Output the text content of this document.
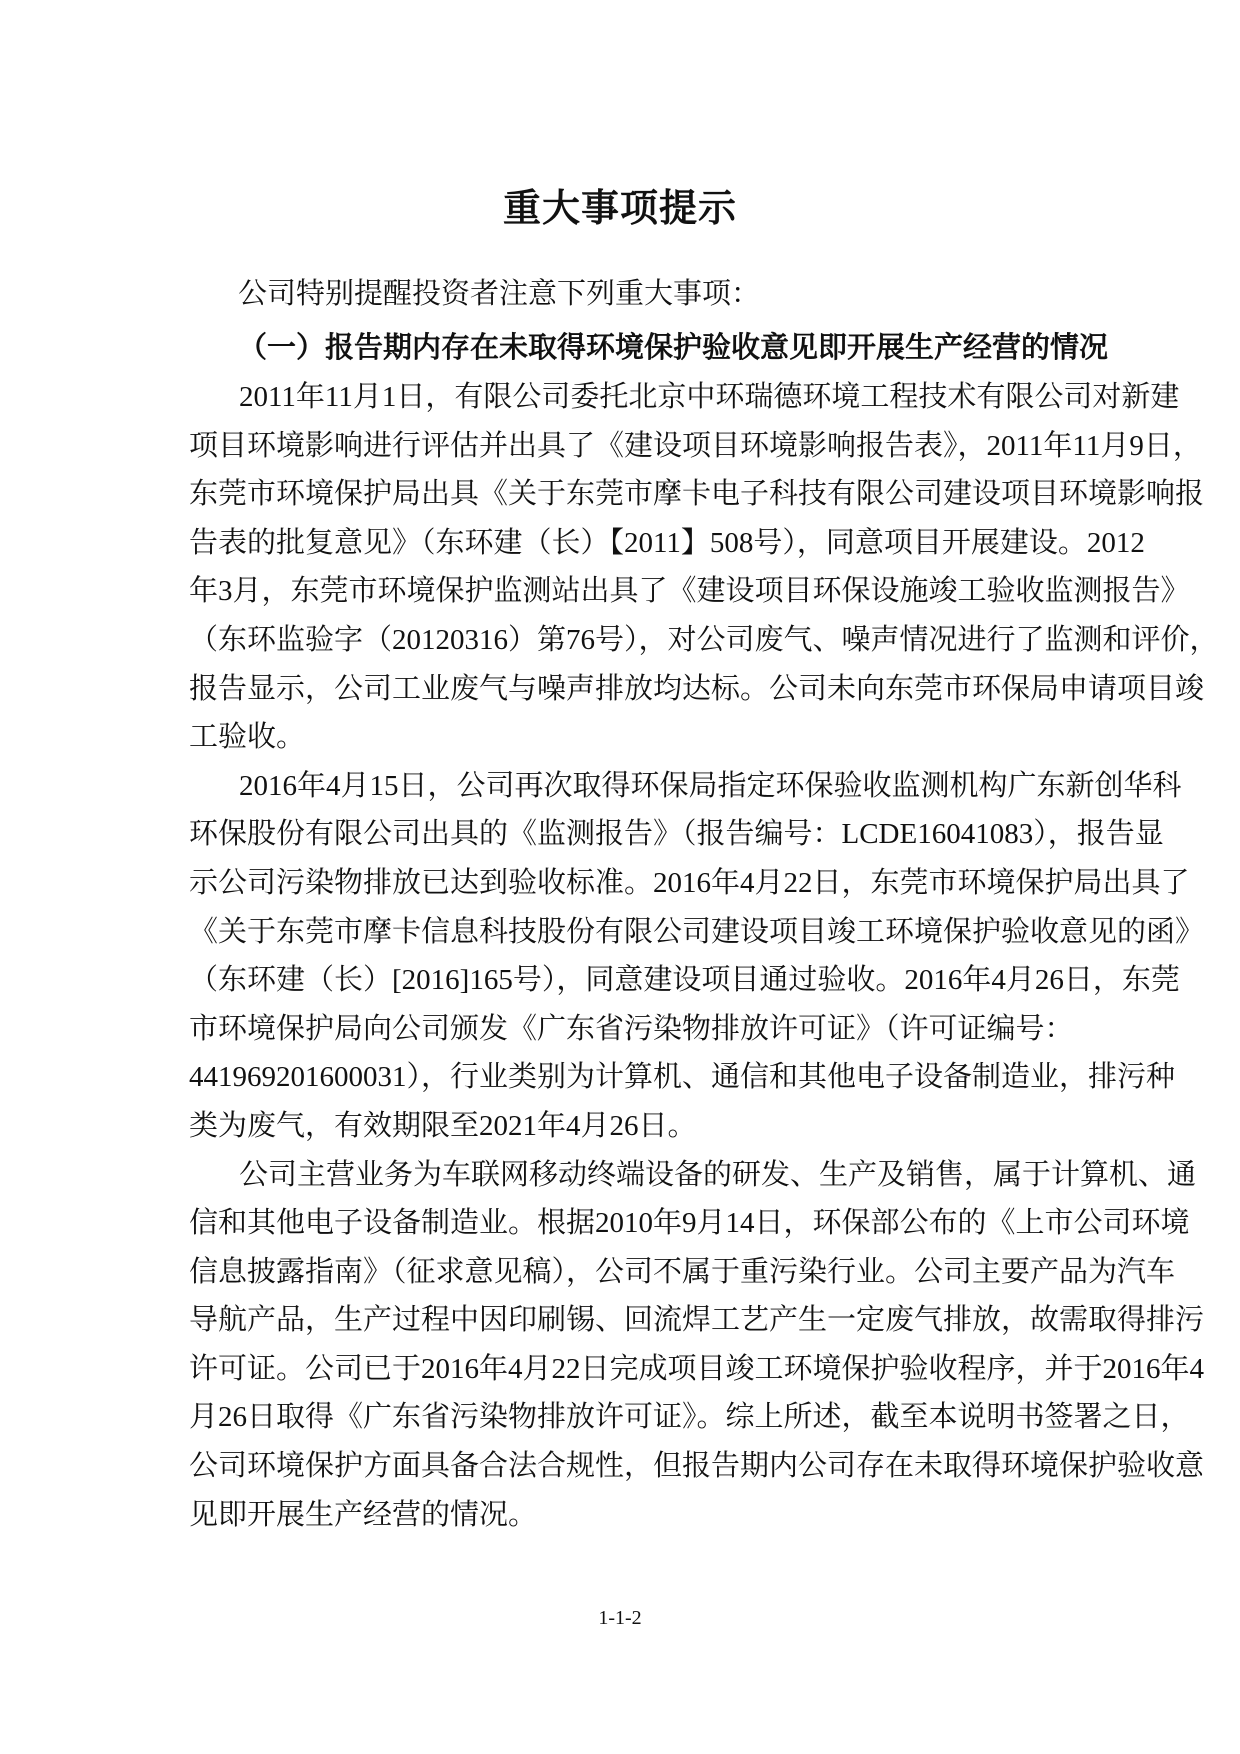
重大事项提示
公司特别提醒投资者注意下列重大事项：
（一）报告期内存在未取得环境保护验收意见即开展生产经营的情况
2011年11月1日，有限公司委托北京中环瑞德环境工程技术有限公司对新建
项目环境影响进行评估并出具了《建设项目环境影响报告表》，2011年11月9日，
东莞市环境保护局出具《关于东莞市摩卡电子科技有限公司建设项目环境影响报
告表的批复意见》（东环建（长）【2011】508号），同意项目开展建设。2012
年3月，东莞市环境保护监测站出具了《建设项目环保设施竣工验收监测报告》
（东环监验字（20120316）第76号），对公司废气、噪声情况进行了监测和评价，
报告显示，公司工业废气与噪声排放均达标。公司未向东莞市环保局申请项目竣
工验收。
2016年4月15日，公司再次取得环保局指定环保验收监测机构广东新创华科
环保股份有限公司出具的《监测报告》（报告编号：LCDE16041083），报告显
示公司污染物排放已达到验收标准。2016年4月22日，东莞市环境保护局出具了
《关于东莞市摩卡信息科技股份有限公司建设项目竣工环境保护验收意见的函》
（东环建（长）[2016]165号），同意建设项目通过验收。2016年4月26日，东莞
市环境保护局向公司颁发《广东省污染物排放许可证》（许可证编号：
441969201600031），行业类别为计算机、通信和其他电子设备制造业，排污种
类为废气，有效期限至2021年4月26日。
公司主营业务为车联网移动终端设备的研发、生产及销售，属于计算机、通
信和其他电子设备制造业。根据2010年9月14日，环保部公布的《上市公司环境
信息披露指南》（征求意见稿），公司不属于重污染行业。公司主要产品为汽车
导航产品，生产过程中因印刷锡、回流焊工艺产生一定废气排放，故需取得排污
许可证。公司已于2016年4月22日完成项目竣工环境保护验收程序，并于2016年4
月26日取得《广东省污染物排放许可证》。综上所述，截至本说明书签署之日，
公司环境保护方面具备合法合规性，但报告期内公司存在未取得环境保护验收意
见即开展生产经营的情况。
1-1-2
